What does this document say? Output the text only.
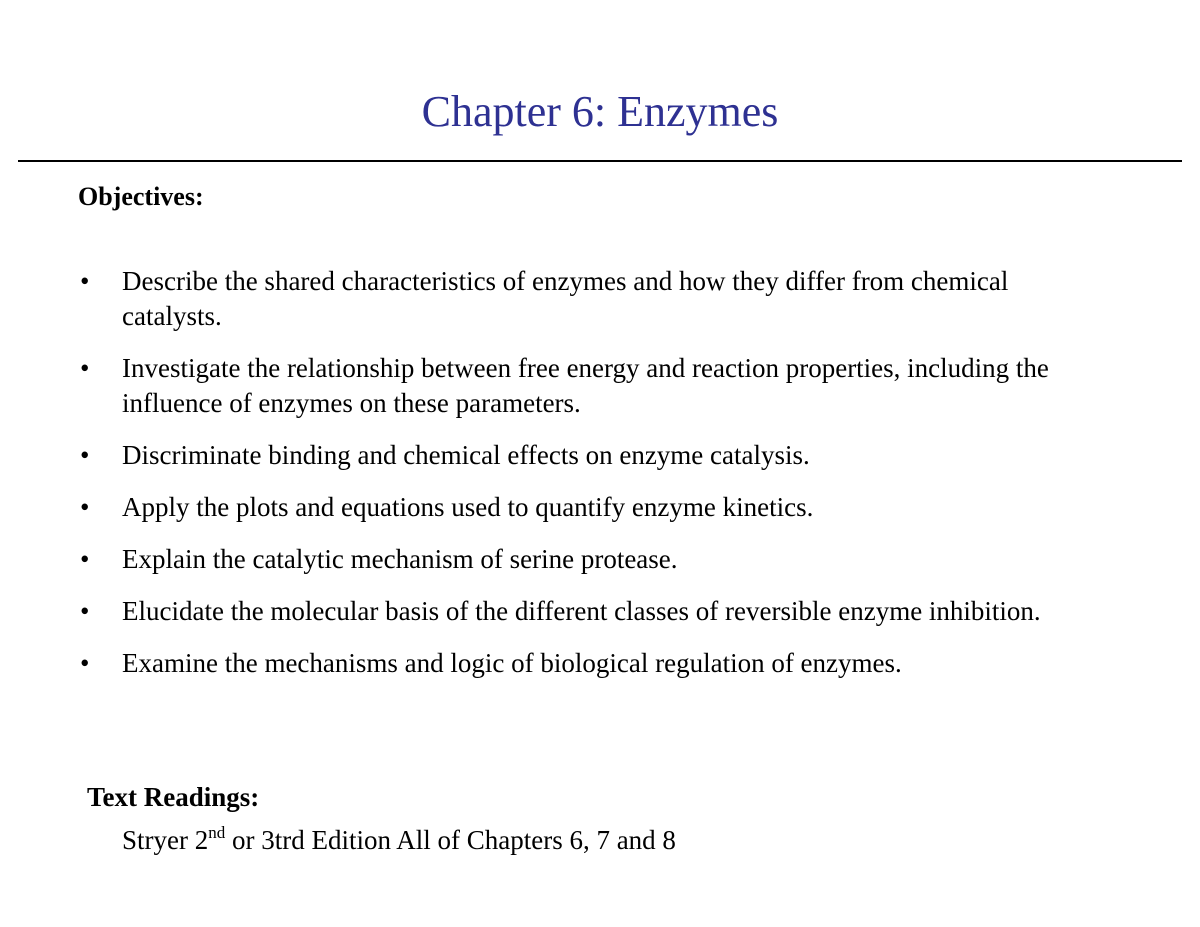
Chapter 6: Enzymes

Objectives:

• Describe the shared characteristics of enzymes and how they differ from chemical catalysts.
• Investigate the relationship between free energy and reaction properties, including the influence of enzymes on these parameters.
• Discriminate binding and chemical effects on enzyme catalysis.
• Apply the plots and equations used to quantify enzyme kinetics.
• Explain the catalytic mechanism of serine protease.
• Elucidate the molecular basis of the different classes of reversible enzyme inhibition.
• Examine the mechanisms and logic of biological regulation of enzymes.

Text Readings:

Stryer 2nd or 3trd Edition All of Chapters 6, 7 and 8
